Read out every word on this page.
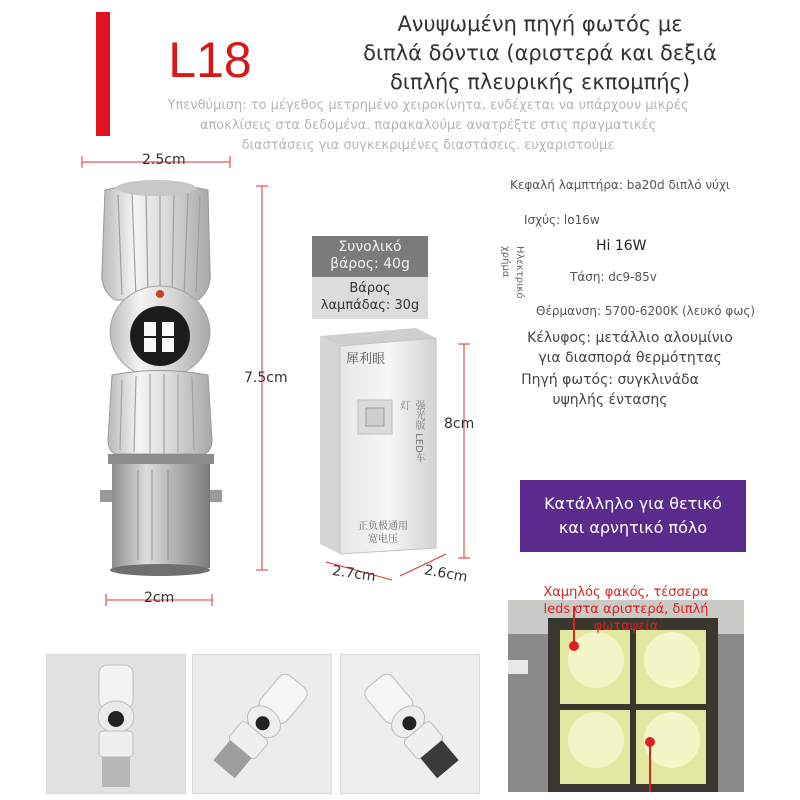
L18
Ανυψωμένη πηγή φωτός με
διπλά δόντια (αριστερά και δεξιά
διπλής πλευρικής εκπομπής)
Υπενθύμιση: το μέγεθος μετρημένο χειροκίνητα, ενδέχεται να υπάρχουν μικρές
αποκλίσεις στα δεδομένα. παρακαλούμε ανατρέξτε στις πραγματικές
διαστάσεις για συγκεκριμένες διαστάσεις. ευχαριστούμε
2.5cm
7.5cm
2cm
Συνολικό
βάρος: 40g
Βάρος
λαμπάδας: 30g
犀利眼
强光版 LED车灯
正负极通用
宽电压
8cm
2.7cm	2.6cm
Κεφαλή λαμπτήρα: ba20d διπλό νύχι
Ισχύς: lo16w
Hi 16W
Ηλεκτρικό χρήμα	Τάση: dc9-85v
Θέρμανση: 5700-6200K (λευκό φως)
Κέλυφος: μετάλλιο αλουμίνιο
για διασπορά θερμότητας
Πηγή φωτός: συγκλινάδα
υψηλής έντασης
Κατάλληλο για θετικό
και αρνητικό πόλο
Χαμηλός φακός, τέσσερα
leds στα αριστερά, διπλή
φωταψεία
